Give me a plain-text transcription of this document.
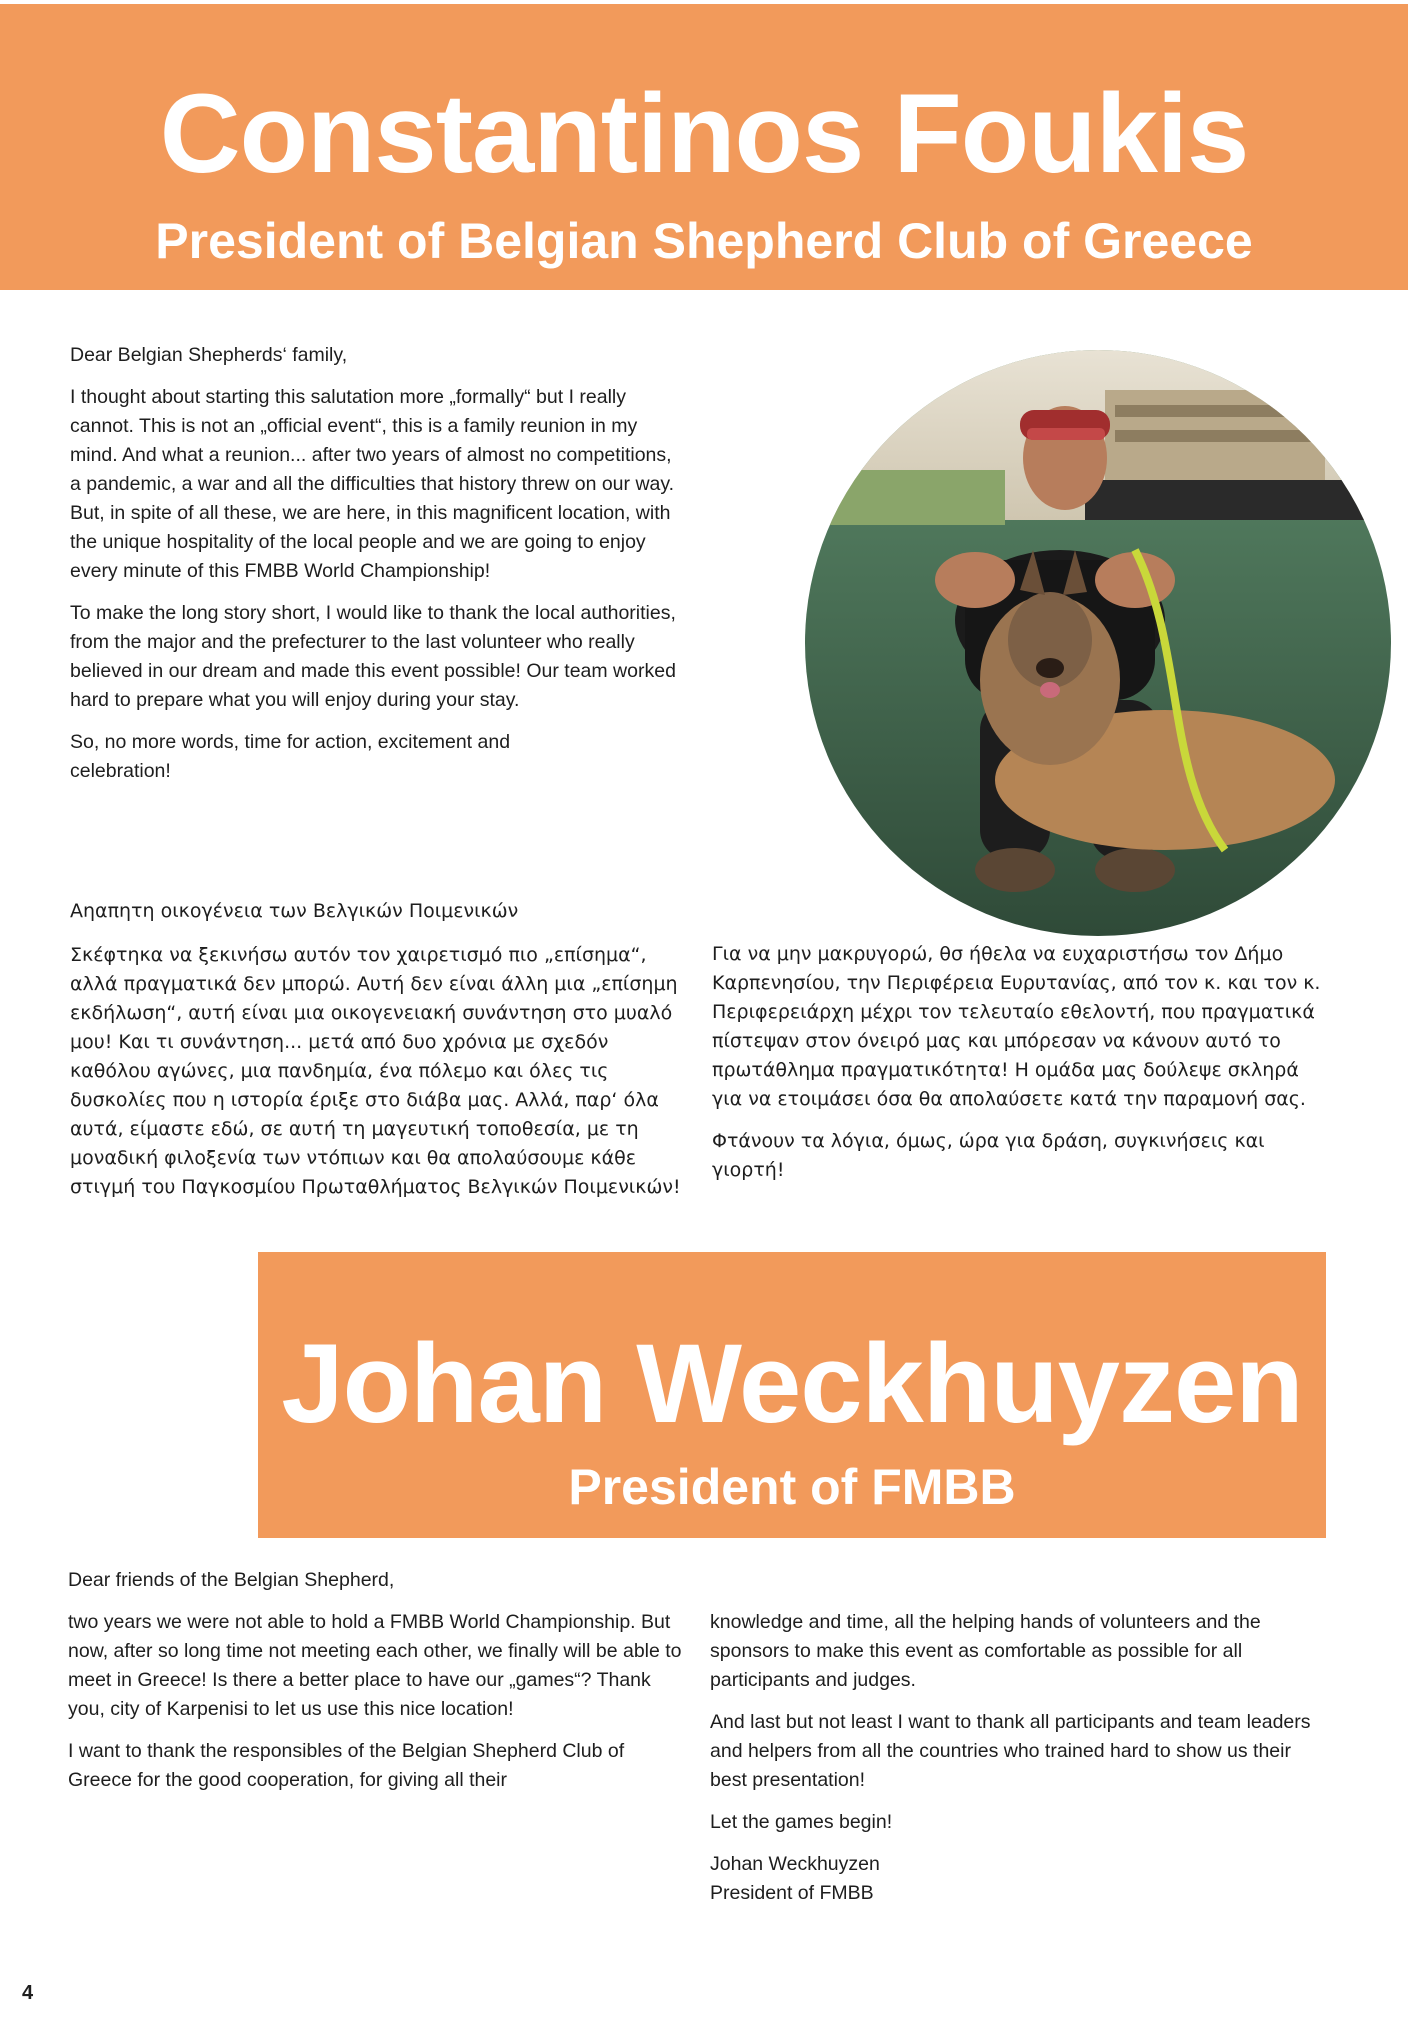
Constantinos Foukis
President of Belgian Shepherd Club of Greece

Dear Belgian Shepherds‘ family,

I thought about starting this salutation more „formally“ but I really cannot. This is not an „official event“, this is a family reunion in my mind. And what a reunion... after two years of almost no competitions, a pandemic, a war and all the difficulties that history threw on our way. But, in spite of all these, we are here, in this magnificent location, with the unique hospitality of the local people and we are going to enjoy every minute of this FMBB World Championship!

To make the long story short, I would like to thank the local authorities, from the major and the prefecturer to the last volunteer who really believed in our dream and made this event possible! Our team worked hard to prepare what you will enjoy during your stay.

So, no more words, time for action, excitement and celebration!

Αηαπητη οικογένεια των Βελγικών Ποιμενικών

Σκέφτηκα να ξεκινήσω αυτόν τον χαιρετισμό πιο „επίσημα“, αλλά πραγματικά δεν μπορώ. Αυτή δεν είναι άλλη μια „επίσημη εκδήλωση“, αυτή είναι μια οικογενειακή συνάντηση στο μυαλό μου! Και τι συνάντηση... μετά από δυο χρόνια με σχεδόν καθόλου αγώνες, μια πανδημία, ένα πόλεμο και όλες τις δυσκολίες που η ιστορία έριξε στο διάβα μας. Αλλά, παρ‘ όλα αυτά, είμαστε εδώ, σε αυτή τη μαγευτική τοποθεσία, με τη μοναδική φιλοξενία των ντόπιων και θα απολαύσουμε κάθε στιγμή του Παγκοσμίου Πρωταθλήματος Βελγικών Ποιμενικών!

Για να μην μακρυγορώ, θσ ήθελα να ευχαριστήσω τον Δήμο Καρπενησίου, την Περιφέρεια Ευρυτανίας, από τον κ. και τον κ. Περιφερειάρχη μέχρι τον τελευταίο εθελοντή, που πραγματικά πίστεψαν στον όνειρό μας και μπόρεσαν να κάνουν αυτό το πρωτάθλημα πραγματικότητα! Η ομάδα μας δούλεψε σκληρά για να ετοιμάσει όσα θα απολαύσετε κατά την παραμονή σας.

Φτάνουν τα λόγια, όμως, ώρα για δράση, συγκινήσεις και γιορτή!

Johan Weckhuyzen
President of FMBB

Dear friends of the Belgian Shepherd,

two years we were not able to hold a FMBB World Championship. But now, after so long time not meeting each other, we finally will be able to meet in Greece! Is there a better place to have our „games“? Thank you, city of Karpenisi to let us use this nice location!

I want to thank the responsibles of the Belgian Shepherd Club of Greece for the good cooperation, for giving all their

knowledge and time, all the helping hands of volunteers and the sponsors to make this event as comfortable as possible for all participants and judges.

And last but not least I want to thank all participants and team leaders and helpers from all the countries who trained hard to show us their best presentation!

Let the games begin!

Johan Weckhuyzen
President of FMBB
4
